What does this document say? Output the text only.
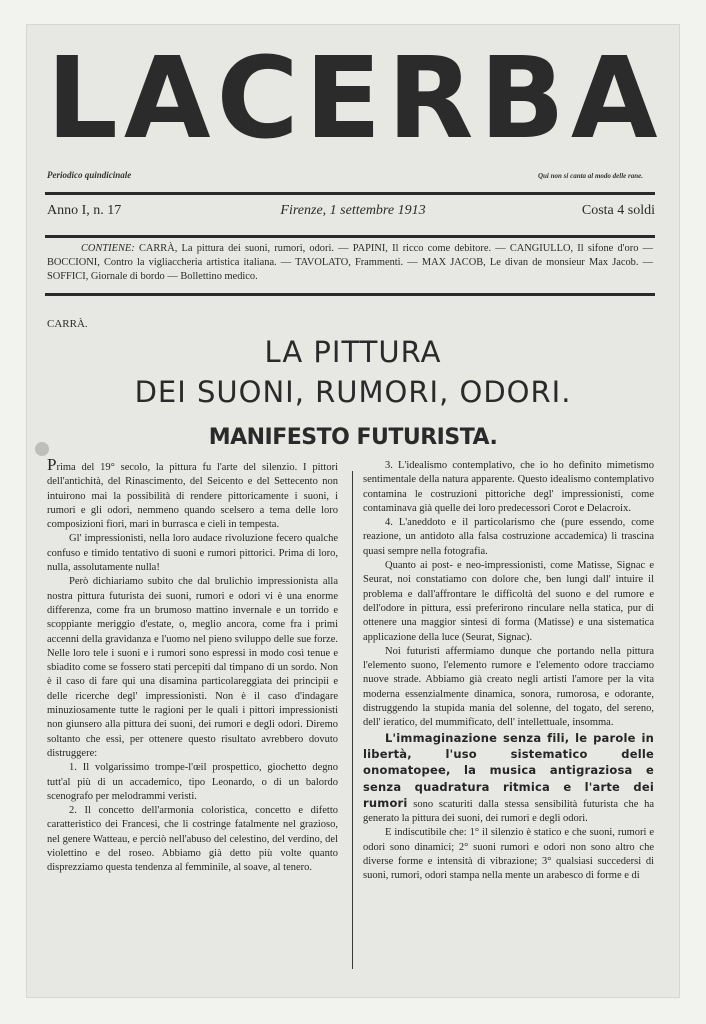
LACERBA
Periodico quindicinale	Qui non si canta al modo delle rane.
Anno I, n. 17	Firenze, 1 settembre 1913	Costa 4 soldi
CONTIENE: CARRÀ, La pittura dei suoni, rumori, odori. — PAPINI, Il ricco come debitore. — CANGIULLO, Il sifone d'oro — BOCCIONI, Contro la vigliaccheria artistica italiana. — TAVOLATO, Frammenti. — MAX JACOB, Le divan de monsieur Max Jacob. — SOFFICI, Giornale di bordo — Bollettino medico.
CARRÀ.
LA PITTURA
DEI SUONI, RUMORI, ODORI.
MANIFESTO FUTURISTA.

Prima del 19° secolo, la pittura fu l'arte del silenzio. I pittori dell'antichità, del Rinascimento, del Seicento e del Settecento non intuirono mai la possibilità di rendere pittoricamente i suoni, i rumori e gli odori, nemmeno quando scelsero a tema delle loro composizioni fiori, mari in burrasca e cieli in tempesta.

Gl' impressionisti, nella loro audace rivoluzione fecero qualche confuso e timido tentativo di suoni e rumori pittorici. Prima di loro, nulla, assolutamente nulla!

Però dichiariamo subito che dal brulichio impressionista alla nostra pittura futurista dei suoni, rumori e odori vi è una enorme differenza, come fra un brumoso mattino invernale e un torrido e scoppiante meriggio d'estate, o, meglio ancora, come fra i primi accenni della gravidanza e l'uomo nel pieno sviluppo delle sue forze. Nelle loro tele i suoni e i rumori sono espressi in modo così tenue e sbiadito come se fossero stati percepiti dal timpano di un sordo. Non è il caso di fare qui una disamina particolareggiata dei principii e delle ricerche degl' impressionisti. Non è il caso d'indagare minuziosamente tutte le ragioni per le quali i pittori impressionisti non giunsero alla pittura dei suoni, dei rumori e degli odori. Diremo soltanto che essi, per ottenere questo risultato avrebbero dovuto distruggere:

1. Il volgarissimo trompe-l'œil prospettico, giochetto degno tutt'al più di un accademico, tipo Leonardo, o di un balordo scenografo per melodrammi veristi.

2. Il concetto dell'armonia coloristica, concetto e difetto caratteristico dei Francesi, che li costringe fatalmente nel grazioso, nel genere Watteau, e perciò nell'abuso del celestino, del verdino, del violettino e del roseo. Abbiamo già detto più volte quanto disprezziamo questa tendenza al femminile, al soave, al tenero.

3. L'idealismo contemplativo, che io ho definito mimetismo sentimentale della natura apparente. Questo idealismo contemplativo contamina le costruzioni pittoriche degl' impressionisti, come contaminava già quelle dei loro predecessori Corot e Delacroix.

4. L'aneddoto e il particolarismo che (pure essendo, come reazione, un antidoto alla falsa costruzione accademica) li trascina quasi sempre nella fotografia.

Quanto ai post- e neo-impressionisti, come Matisse, Signac e Seurat, noi constatiamo con dolore che, ben lungi dall' intuire il problema e dall'affrontare le difficoltà del suono e del rumore e dell'odore in pittura, essi preferirono rinculare nella statica, pur di ottenere una maggior sintesi di forma (Matisse) e una sistematica applicazione della luce (Seurat, Signac).

Noi futuristi affermiamo dunque che portando nella pittura l'elemento suono, l'elemento rumore e l'elemento odore tracciamo nuove strade. Abbiamo già creato negli artisti l'amore per la vita moderna essenzialmente dinamica, sonora, rumorosa, e odorante, distruggendo la stupida mania del solenne, del togato, del sereno, dell' ieratico, del mummificato, dell' intellettuale, insomma.

L'immaginazione senza fili, le parole in libertà, l'uso sistematico delle onomatopee, la musica antigraziosa e senza quadratura ritmica e l'arte dei rumori sono scaturiti dalla stessa sensibilità futurista che ha generato la pittura dei suoni, dei rumori e degli odori.

E indiscutibile che: 1° il silenzio è statico e che suoni, rumori e odori sono dinamici; 2° suoni rumori e odori non sono altro che diverse forme e intensità di vibrazione; 3° qualsiasi succedersi di suoni, rumori, odori stampa nella mente un arabesco di forme e di
